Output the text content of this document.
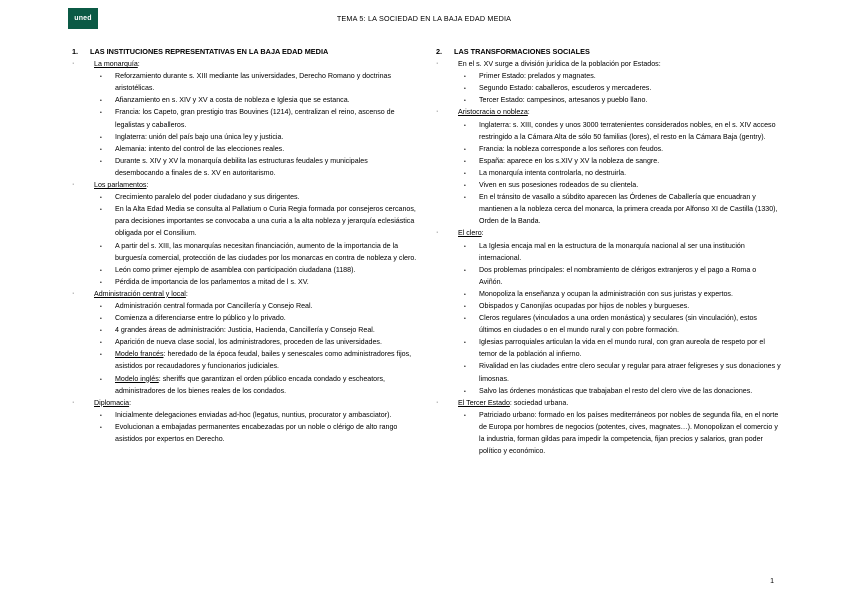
uned	TEMA 5: LA SOCIEDAD EN LA BAJA EDAD MEDIA
1. LAS INSTITUCIONES REPRESENTATIVAS EN LA BAJA EDAD MEDIA
·	La monarquía:
• Reforzamiento durante s. XIII mediante las universidades, Derecho Romano y doctrinas aristotélicas.
• Afianzamiento en s. XIV y XV a costa de nobleza e Iglesia que se estanca.
• Francia: los Capeto, gran prestigio tras Bouvines (1214), centralizan el reino, ascenso de legalistas y caballeros.
• Inglaterra: unión del país bajo una única ley y justicia.
• Alemania: intento del control de las elecciones reales.
• Durante s. XIV y XV la monarquía debilita las estructuras feudales y municipales desembocando a finales de s. XV en autoritarismo.
·	Los parlamentos:
• Crecimiento paralelo del poder ciudadano y sus dirigentes.
• En la Alta Edad Media se consulta al Pallatium o Curia Regia formada por consejeros cercanos, para decisiones importantes se convocaba a una curia a la alta nobleza y jerarquía eclesiástica obligada por el Consilium.
• A partir del s. XIII, las monarquías necesitan financiación, aumento de la importancia de la burguesía comercial, protección de las ciudades por los monarcas en contra de nobleza y clero.
• León como primer ejemplo de asamblea con participación ciudadana (1188).
• Pérdida de importancia de los parlamentos a mitad de l s. XV.
·	Administración central y local:
• Administración central formada por Cancillería y Consejo Real.
• Comienza a diferenciarse entre lo público y lo privado.
• 4 grandes áreas de administración: Justicia, Hacienda, Cancillería y Consejo Real.
• Aparición de nueva clase social, los administradores, proceden de las universidades.
• Modelo francés: heredado de la época feudal, bailes y senescales como administradores fijos, asistidos por recaudadores y funcionarios judiciales.
• Modelo inglés: sheriffs que garantizan el orden público encada condado y escheators, administradores de los bienes reales de los condados.
·	Diplomacia:
• Inicialmente delegaciones enviadas ad-hoc (legatus, nuntius, procurator y ambasciator).
• Evolucionan a embajadas permanentes encabezadas por un noble o clérigo de alto rango asistidos por expertos en Derecho.
2. LAS TRANSFORMACIONES SOCIALES
·	En el s. XV surge a división jurídica de la población por Estados:
• Primer Estado: prelados y magnates.
• Segundo Estado: caballeros, escuderos y mercaderes.
• Tercer Estado: campesinos, artesanos y pueblo llano.
·	Aristocracia o nobleza:
• Inglaterra: s. XIII, condes y unos 3000 terratenientes considerados nobles, en el s. XIV acceso restringido a la Cámara Alta de sólo 50 familias (lores), el resto en la Cámara Baja (gentry).
• Francia: la nobleza corresponde a los señores con feudos.
• España: aparece en los s.XIV y XV la nobleza de sangre.
• La monarquía intenta controlarla, no destruirla.
• Viven en sus posesiones rodeados de su clientela.
• En el tránsito de vasallo a súbdito aparecen las Órdenes de Caballería que encuadran y mantienen a la nobleza cerca del monarca, la primera creada por Alfonso XI de Castilla (1330), Orden de la Banda.
·	El clero:
• La Iglesia encaja mal en la estructura de la monarquía nacional al ser una institución internacional.
• Dos problemas principales: el nombramiento de clérigos extranjeros y el pago a Roma o Aviñón.
• Monopoliza la enseñanza y ocupan la administración con sus juristas y expertos.
• Obispados y Canonjías ocupadas por hijos de nobles y burgueses.
• Cleros regulares (vinculados a una orden monástica) y seculares (sin vinculación), estos últimos en ciudades o en el mundo rural y con pobre formación.
• Iglesias parroquiales articulan la vida en el mundo rural, con gran aureola de respeto por el temor de la población al infierno.
• Rivalidad en las ciudades entre clero secular y regular para atraer feligreses y sus donaciones y limosnas.
• Salvo las órdenes monásticas que trabajaban el resto del clero vive de las donaciones.
·	El Tercer Estado: sociedad urbana.
• Patriciado urbano: formado en los países mediterráneos por nobles de segunda fila, en el norte de Europa por hombres de negocios (potentes, cives, magnates…). Monopolizan el comercio y la industria, forman gildas para impedir la competencia, fijan precios y salarios, gran poder político y económico.
1
